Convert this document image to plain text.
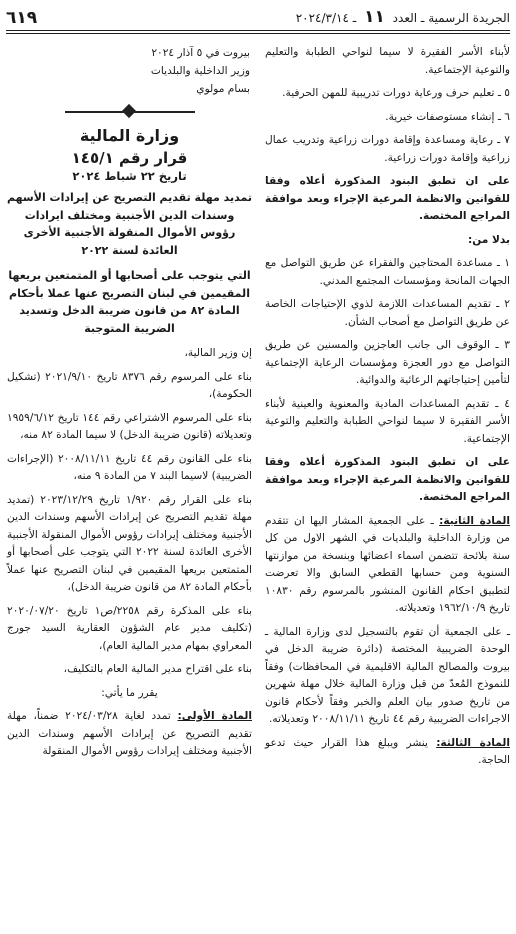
الجريدة الرسمية ـ العدد ١١ ـ ٢٠٢٤/٣/١٤
٦١٩

لأبناء الأسر الفقيرة لا سيما لنواحي الطبابة والتعليم والتوعية الإجتماعية.

٥ ـ تعليم حرف ورعاية دورات تدريبية للمهن الحرفية.

٦ ـ إنشاء مستوصفات خيرية.

٧ ـ رعاية ومساعدة وإقامة دورات زراعية وتدريب عمال زراعية وإقامة دورات زراعية.

على ان تطبق البنود المذكورة أعلاه وفقا للقوانين والانظمة المرعية الإجراء وبعد موافقة المراجع المختصة.

بدلا من:

١ ـ مساعدة المحتاجين والفقراء عن طريق التواصل مع الجهات المانحة ومؤسسات المجتمع المدني.

٢ ـ تقديم المساعدات اللازمة لذوي الإحتياجات الخاصة عن طريق التواصل مع أصحاب الشأن.

٣ ـ الوقوف الى جانب العاجزين والمسنين عن طريق التواصل مع دور العجزة ومؤسسات الرعاية الإجتماعية لتأمين إحتياجاتهم الرعائية والدوائية.

٤ ـ تقديم المساعدات المادية والمعنوية والعينية لأبناء الأسر الفقيرة لا سيما لنواحي الطبابة والتعليم والتوعية الإجتماعية.

على ان تطبق البنود المذكورة أعلاه وفقا للقوانين والانظمة المرعية الإجراء وبعد موافقة المراجع المختصة.

المادة الثانية: ـ على الجمعية المشار اليها ان تتقدم من وزارة الداخلية والبلديات في الشهر الاول من كل سنة بلائحة تتضمن اسماء اعضائها وبنسخة من موازنتها السنوية ومن حسابها القطعي السابق والا تعرضت لتطبيق احكام القانون المنشور بالمرسوم رقم ١٠٨٣٠ تاريخ ١٩٦٢/١٠/٩ وتعديلاته.

ـ على الجمعية أن تقوم بالتسجيل لدى وزارة المالية ـ الوحدة الضريبية المختصة (دائرة ضريبة الدخل في بيروت والمصالح المالية الاقليمية في المحافظات) وفقاً للنموذج المُعدّ من قبل وزارة المالية خلال مهلة شهرين من تاريخ صدور بيان العلم والخبر وفقاً لأحكام قانون الاجراءات الضريبية رقم ٤٤ تاريخ ٢٠٠٨/١١/١١ وتعديلاته.

المادة الثالثة: ينشر ويبلغ هذا القرار حيث تدعو الحاجة.

بيروت في ٥ آذار ٢٠٢٤
وزير الداخلية والبلديات
بسام مولوي
وزارة المالية
قرار رقم ١٤٥/١
تاريخ ٢٢ شباط ٢٠٢٤
تمديد مهلة تقديم التصريح عن إيرادات الأسهم وسندات الدين الأجنبية ومختلف ايرادات رؤوس الأموال المنقولة الأجنبية الأخرى العائدة لسنة ٢٠٢٢
التي يتوجب على أصحابها أو المتمتعين بريعها المقيمين في لبنان التصريح عنها عملا بأحكام المادة ٨٢ من قانون ضريبة الدخل وتسديد الضريبة المتوجبة

إن وزير المالية،

بناء على المرسوم رقم ٨٣٧٦ تاريخ ٢٠٢١/٩/١٠ (تشكيل الحكومة)،

بناء على المرسوم الاشتراعي رقم ١٤٤ تاريخ ١٩٥٩/٦/١٢ وتعديلاته (قانون ضريبة الدخل) لا سيما المادة ٨٢ منه،

بناء على القانون رقم ٤٤ تاريخ ٢٠٠٨/١١/١١ (الإجراءات الضريبية) لاسيما البند ٧ من المادة ٩ منه،

بناء على القرار رقم ١/٩٢٠ تاريخ ٢٠٢٣/١٢/٢٩ (تمديد مهلة تقديم التصريح عن إيرادات الأسهم وسندات الدين الأجنبية ومختلف إيرادات رؤوس الأموال المنقولة الأجنبية الأخرى العائدة لسنة ٢٠٢٢ التي يتوجب على أصحابها أو المتمتعين بريعها المقيمين في لبنان التصريح عنها عملاً بأحكام المادة ٨٢ من قانون ضريبة الدخل)،

بناء على المذكرة رقم ٢٢٥٨/ص١ تاريخ ٢٠٢٠/٠٧/٢٠ (تكليف مدير عام الشؤون العقارية السيد جورج المعراوي بمهام مدير المالية العام)،

بناء على اقتراح مدير المالية العام بالتكليف،

يقرر ما يأتي:

المادة الأولى: تمدد لغاية ٢٠٢٤/٠٣/٢٨ ضمناً، مهلة تقديم التصريح عن إيرادات الأسهم وسندات الدين الأجنبية ومختلف إيرادات رؤوس الأموال المنقولة
